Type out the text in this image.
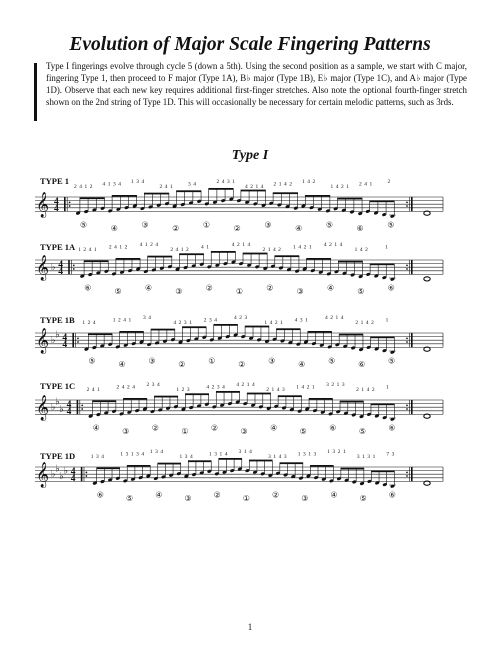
Evolution of Major Scale Fingering Patterns

Type I fingerings evolve through cycle 5 (down a 5th). Using the second position as a sample, we start with C major, fingering Type 1, then proceed to F major (Type 1A), B♭ major (Type 1B), E♭ major (Type 1C), and A♭ major (Type 1D). Observe that each new key requires additional first-finger stretches. Also note the optional fourth-finger stretch shown on the 2nd string of Type 1D. This will occasionally be necessary for certain melodic patterns, such as 3rds.

Type I
TYPE 1
TYPE 1A
TYPE 1B
TYPE 1C
TYPE 1D
𝄞 4
4
2 4 1 2 4 1 3 4 1 3 4
2 4 1	3 4	2 4 3 1
4 2 1 4 2 1 4 2 1 4 2
1 4 2 1 2 4 1	2
⑤	④	③	②	①	②	③	④	⑤	⑥	⑤
𝄞 ♭ 4
4
1 2 4 1 2 4 1 2 4 1 2 4
2 4 1 2 4 1	4 2 1 4
2 1 4 2 1 4 2 1 4 2 1 4
1 4 2	1
⑥	⑤	④	③	②	①	②	③	④	⑤	⑥
𝄞 ♭ ♭ 4
4
1 2 4	1 2 4 1 3 4
4 2 3 1 2 3 4	4 2 3
1 4 2 1 4 3 1	4 2 1 4
2 1 4 2 1
⑤	④	③	②	①	②	③	④	⑤	⑥	⑤
𝄞 ♭ ♭
♭ 4
4
2 4 1	2 4 2 4 2 3 4
1 2 3	4 2 3 4 4 2 1 4
2 1 4 3 1 4 2 1 3 2 1 3
2 1 4 2 1
④	③	②	①	②	③	④	⑤	⑥	⑤	⑥
𝄞 ♭ ♭
♭ ♭ 4
4
1 3 4	1 3 1 3 4 1 3 4
1 3 4	1 3 1 4 3 1 4
3 1 4 3 1 3 1 3 1 3 2 1
3 1 3 1 7 3
⑥	⑤	④	③	②	①	②	③	④	⑤	⑥
1
